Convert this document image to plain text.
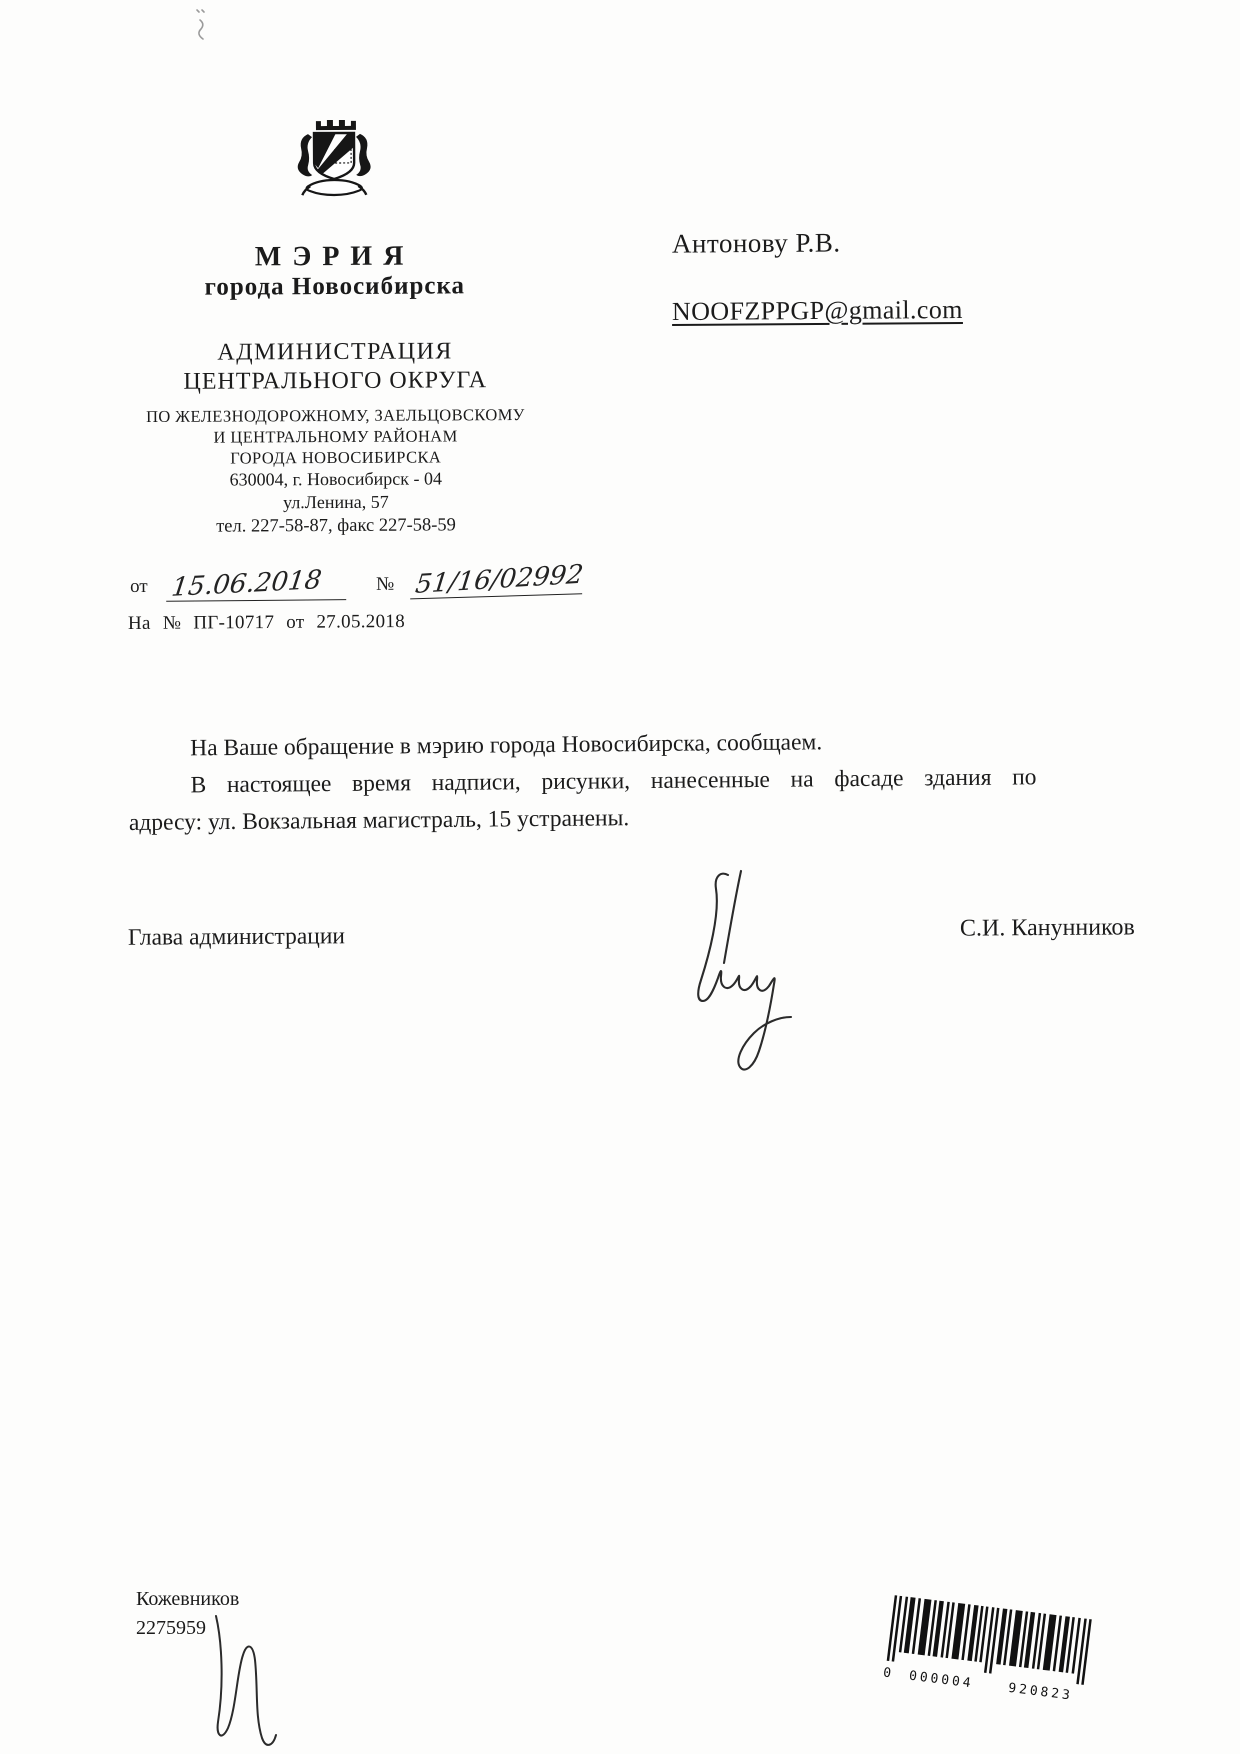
МЭРИЯ
города Новосибирска
АДМИНИСТРАЦИЯ
ЦЕНТРАЛЬНОГО ОКРУГА
ПО ЖЕЛЕЗНОДОРОЖНОМУ, ЗАЕЛЬЦОВСКОМУ
И ЦЕНТРАЛЬНОМУ РАЙОНАМ
ГОРОДА НОВОСИБИРСКА
630004, г. Новосибирск - 04
ул.Ленина, 57
тел. 227-58-87, факс 227-58-59
от 15.06.2018	№ 51/16/02992
На № ПГ-10717 от 27.05.2018
Антонову Р.В.
NOOFZPPGP@gmail.com

На Ваше обращение в мэрию города Новосибирска, сообщаем.

В настоящее время надписи, рисунки, нанесенные на фасаде здания по

адресу: ул. Вокзальная магистраль, 15 устранены.

Глава администрации	С.И. Канунников
Кожевников
2275959
0 000004
920823
